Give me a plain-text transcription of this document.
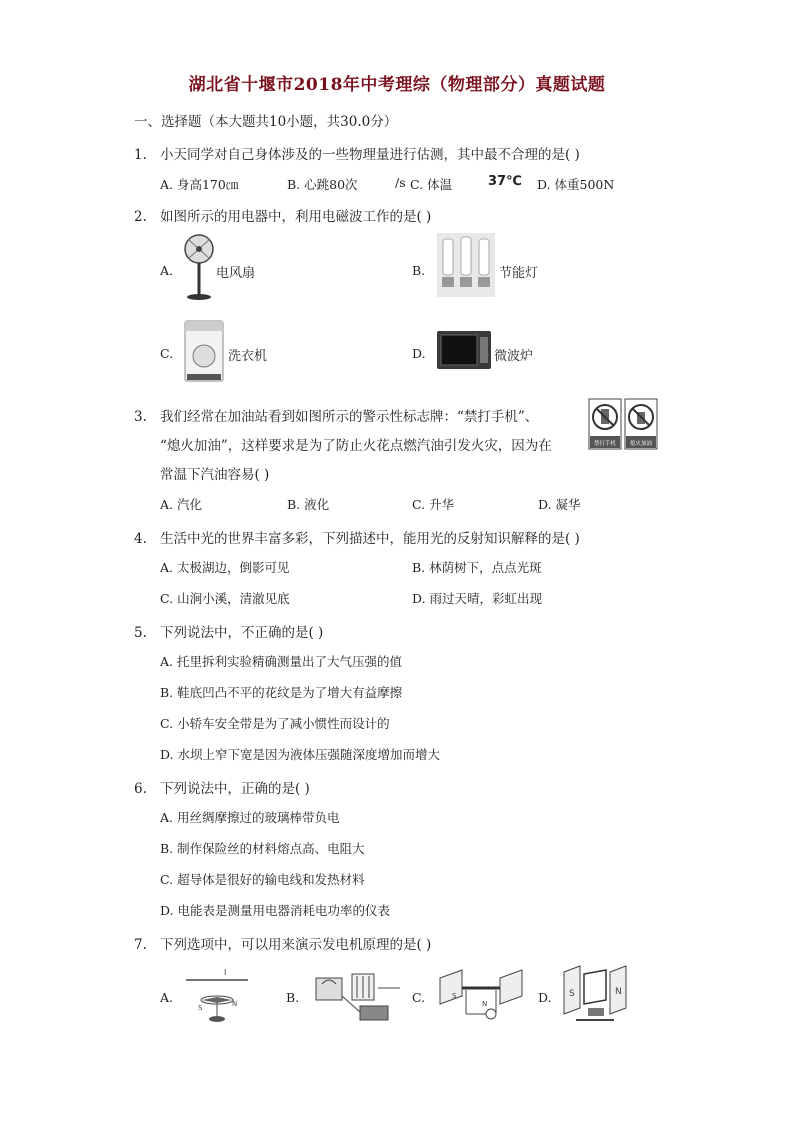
湖北省十堰市2018年中考理综（物理部分）真题试题
一、选择题（本大题共10小题，共30.0分）
1. 小天同学对自己身体涉及的一些物理量进行估测，其中最不合理的是( )
A. 身高170㎝	B. 心跳80次	/s C. 体温	37℃ D. 体重500N
2. 如图所示的用电器中，利用电磁波工作的是( )
A.	电风扇	B.	节能灯
C.	洗衣机	D.	微波炉
3. 我们经常在加油站看到如图所示的警示性标志牌：“禁打手机”、
“熄火加油”，这样要求是为了防止火花点燃汽油引发火灾，因为在
常温下汽油容易( )
禁打手机	熄火加油
A. 汽化	B. 液化	C. 升华	D. 凝华
4. 生活中光的世界丰富多彩，下列描述中，能用光的反射知识解释的是( )
A. 太极湖边，倒影可见	B. 林荫树下，点点光斑
C. 山涧小溪，清澈见底	D. 雨过天晴，彩虹出现
5. 下列说法中，不正确的是( )
A. 托里拆利实验精确测量出了大气压强的值
B. 鞋底凹凸不平的花纹是为了增大有益摩擦
C. 小轿车安全带是为了减小惯性而设计的
D. 水坝上窄下宽是因为液体压强随深度增加而增大
6. 下列说法中，正确的是( )
A. 用丝绸摩擦过的玻璃棒带负电
B. 制作保险丝的材料熔点高、电阻大
C. 超导体是很好的输电线和发热材料
D. 电能表是测量用电器消耗电功率的仪表
7. 下列选项中，可以用来演示发电机原理的是( )
A.
I
S	N	B.	C.	S
N	D. S	N
